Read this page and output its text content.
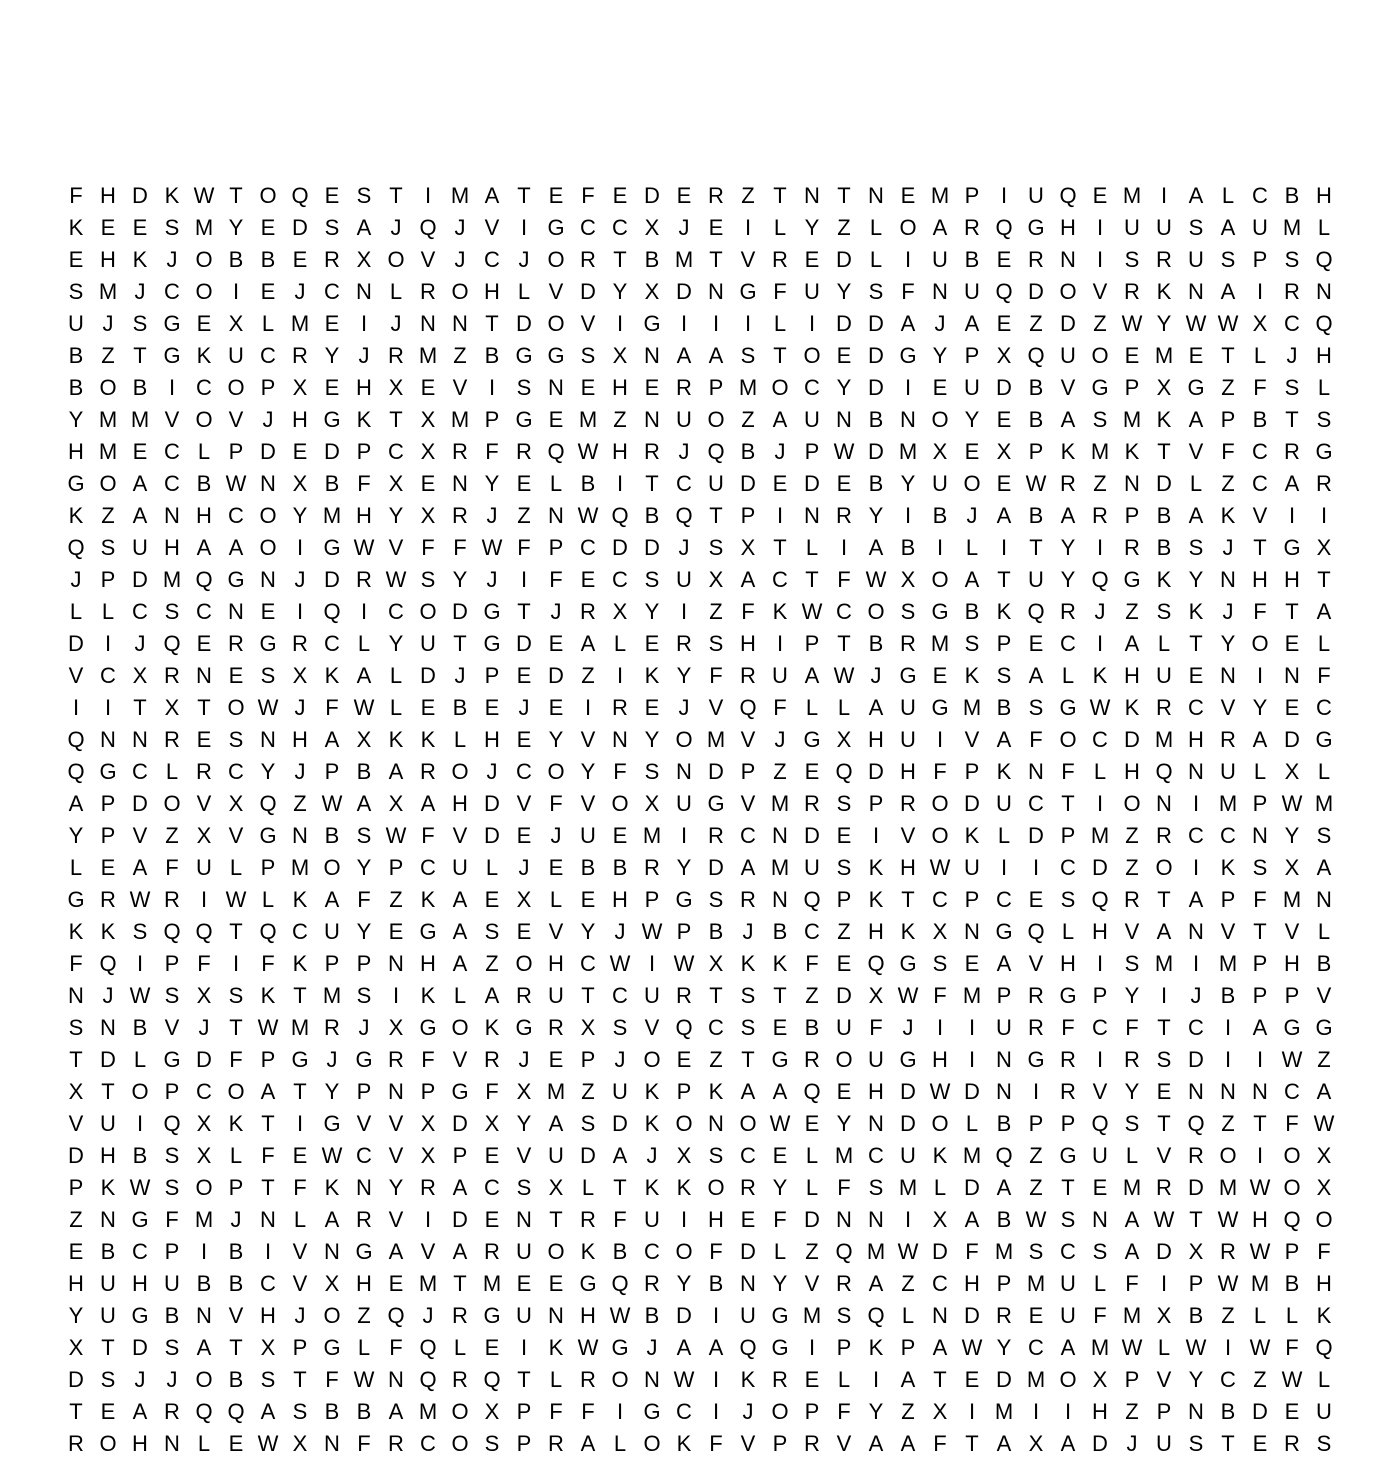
F H D K W T O Q E S T	I M A T E F E D E R Z T N T N E M P I U Q E M I A L C B H
K E E S M Y E D S A J Q J V I G C C X J E I	L Y Z L O A R Q G H I U U S A U M L
E H K J O B B E R X O V J C J O R T B M T V R E D L	I U B E R N I S R U S P S Q
S M J C O I E J C N L R O H L V D Y X D N G F U Y S F N U Q D O V R K N A I R N
U J S G E X L M E I	J N N T D O V I G I	I	I	L	I D D A J A E Z D Z W Y W W X C Q
B Z T G K U C R Y J R M Z B G G S X N A A S T O E D G Y P X Q U O E M E T L J H
B O B I C O P X E H X E V I S N E H E R P M O C Y D I E U D B V G P X G Z F S L
Y M M V O V J H G K T X M P G E M Z N U O Z A U N B N O Y E B A S M K A P B T S
H M E C L P D E D P C X R F R Q W H R J Q B J P W D M X E X P K M K T V F C R G
G O A C B W N X B F X E N Y E L B I	T C U D E D E B Y U O E W R Z N D L Z C A R
K Z A N H C O Y M H Y X R J Z N W Q B Q T P I N R Y I B J A B A R P B A K V I	I
Q S U H A A O I G W V F F W F P C D D J S X T L	I A B I	L	I	T Y I R B S J T G X
J P D M Q G N J D R W S Y J	I	F E C S U X A C T F W X O A T U Y Q G K Y N H H T
L L C S C N E I Q I C O D G T J R X Y I	Z F K W C O S G B K Q R J Z S K J F T A
D I	J Q E R G R C L Y U T G D E A L E R S H I P T B R M S P E C I A L T Y O E L
V C X R N E S X K A L D J P E D Z	I K Y F R U A W J G E K S A L K H U E N I N F
I	I	T X T O W J F W L E B E J E I R E J V Q F L L A U G M B S G W K R C V Y E C
Q N N R E S N H A X K K L H E Y V N Y O M V J G X H U I V A F O C D M H R A D G
Q G C L R C Y J P B A R O J C O Y F S N D P Z E Q D H F P K N F L H Q N U L X L
A P D O V X Q Z W A X A H D V F V O X U G V M R S P R O D U C T	I O N I M P W M
Y P V Z X V G N B S W F V D E J U E M I R C N D E I V O K L D P M Z R C C N Y S
L E A F U L P M O Y P C U L J E B B R Y D A M U S K H W U I	I C D Z O I K S X A
G R W R I W L K A F Z K A E X L E H P G S R N Q P K T C P C E S Q R T A P F M N
K K S Q Q T Q C U Y E G A S E V Y J W P B J B C Z H K X N G Q L H V A N V T V L
F Q I P F	I	F K P P N H A Z O H C W I W X K K F E Q G S E A V H I S M I M P H B
N J W S X S K T M S I K L A R U T C U R T S T Z D X W F M P R G P Y I	J B P P V
S N B V J T W M R J X G O K G R X S V Q C S E B U F J	I	I U R F C F T C I A G G
T D L G D F P G J G R F V R J E P J O E Z T G R O U G H I N G R I R S D I	I W Z
X T O P C O A T Y P N P G F X M Z U K P K A A Q E H D W D N I R V Y E N N N C A
V U I Q X K T	I G V V X D X Y A S D K O N O W E Y N D O L B P P Q S T Q Z T F W
D H B S X L F E W C V X P E V U D A J X S C E L M C U K M Q Z G U L V R O I O X
P K W S O P T F K N Y R A C S X L T K K O R Y L F S M L D A Z T E M R D M W O X
Z N G F M J N L A R V I D E N T R F U I H E F D N N I X A B W S N A W T W H Q O
E B C P I B I V N G A V A R U O K B C O F D L Z Q M W D F M S C S A D X R W P F
H U H U B B C V X H E M T M E E G Q R Y B N Y V R A Z C H P M U L F	I P W M B H
Y U G B N V H J O Z Q J R G U N H W B D I U G M S Q L N D R E U F M X B Z L L K
X T D S A T X P G L F Q L E I K W G J A A Q G I P K P A W Y C A M W L W I W F Q
D S J J O B S T F W N Q R Q T L R O N W I K R E L	I A T E D M O X P V Y C Z W L
T E A R Q Q A S B B A M O X P F F	I G C I	J O P F Y Z X I M I	I H Z P N B D E U
R O H N L E W X N F R C O S P R A L O K F V P R V A A F T A X A D J U S T E R S
